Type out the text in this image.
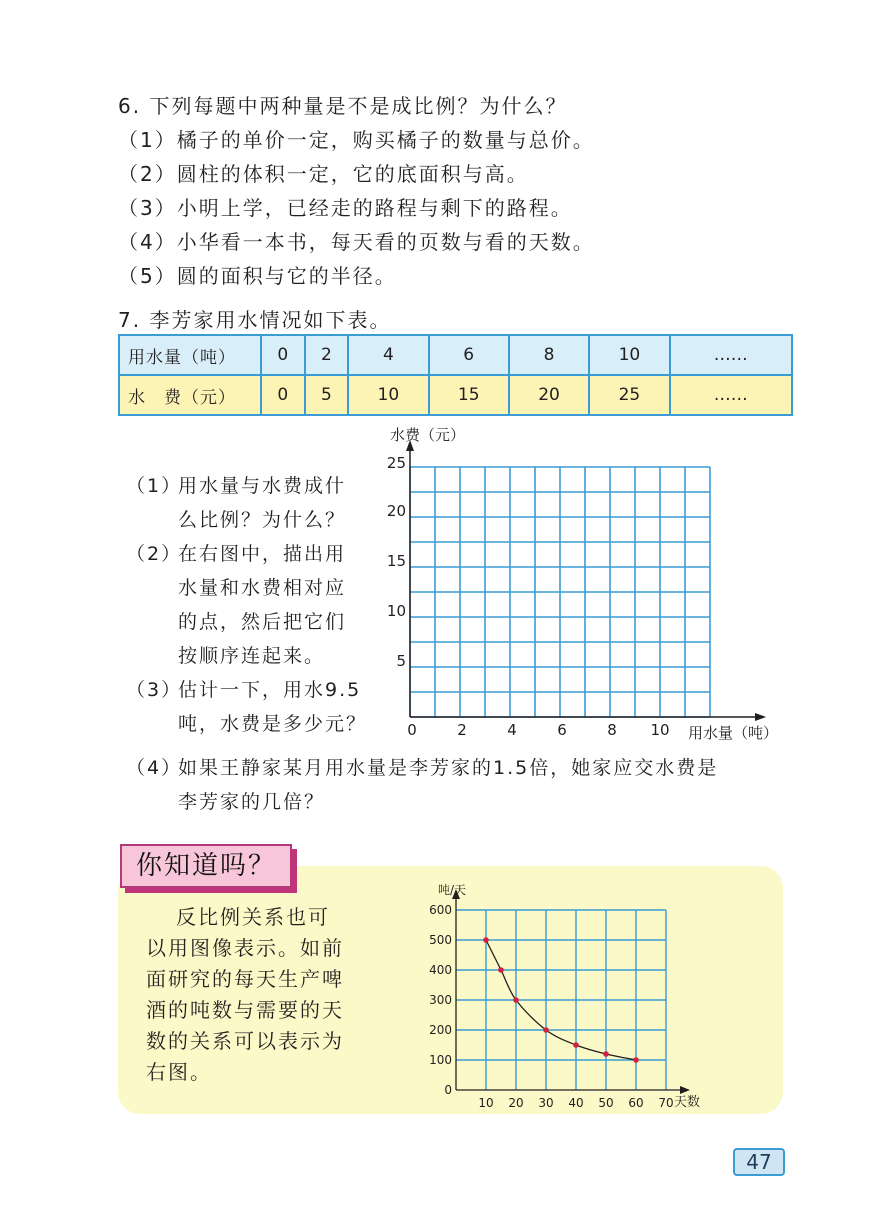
6. 下列每题中两种量是不是成比例？为什么？
（1）橘子的单价一定，购买橘子的数量与总价。
（2）圆柱的体积一定，它的底面积与高。
（3）小明上学，已经走的路程与剩下的路程。
（4）小华看一本书，每天看的页数与看的天数。
（5）圆的面积与它的半径。
7. 李芳家用水情况如下表。
用水量（吨）	0	2	4	6	8	10	……
水　费（元）	0	5	10	15	20	25	……
（1）
用水量与水费成什
么比例？为什么？
（2）
在右图中，描出用
水量和水费相对应
的点，然后把它们
按顺序连起来。
（3）
估计一下，用水9.5
吨，水费是多少元？
（4）
如果王静家某月用水量是李芳家的1.5倍，她家应交水费是
李芳家的几倍？
水费（元）
用水量（吨）
5
10
15
20
25
0	2	4	6	8 10
你知道吗？
反比例关系也可
以用图像表示。如前
面研究的每天生产啤
酒的吨数与需要的天
数的关系可以表示为
右图。
吨/天
天数
10 20 30 40 50 60 70
0
100
200
300
400
500
600
47
